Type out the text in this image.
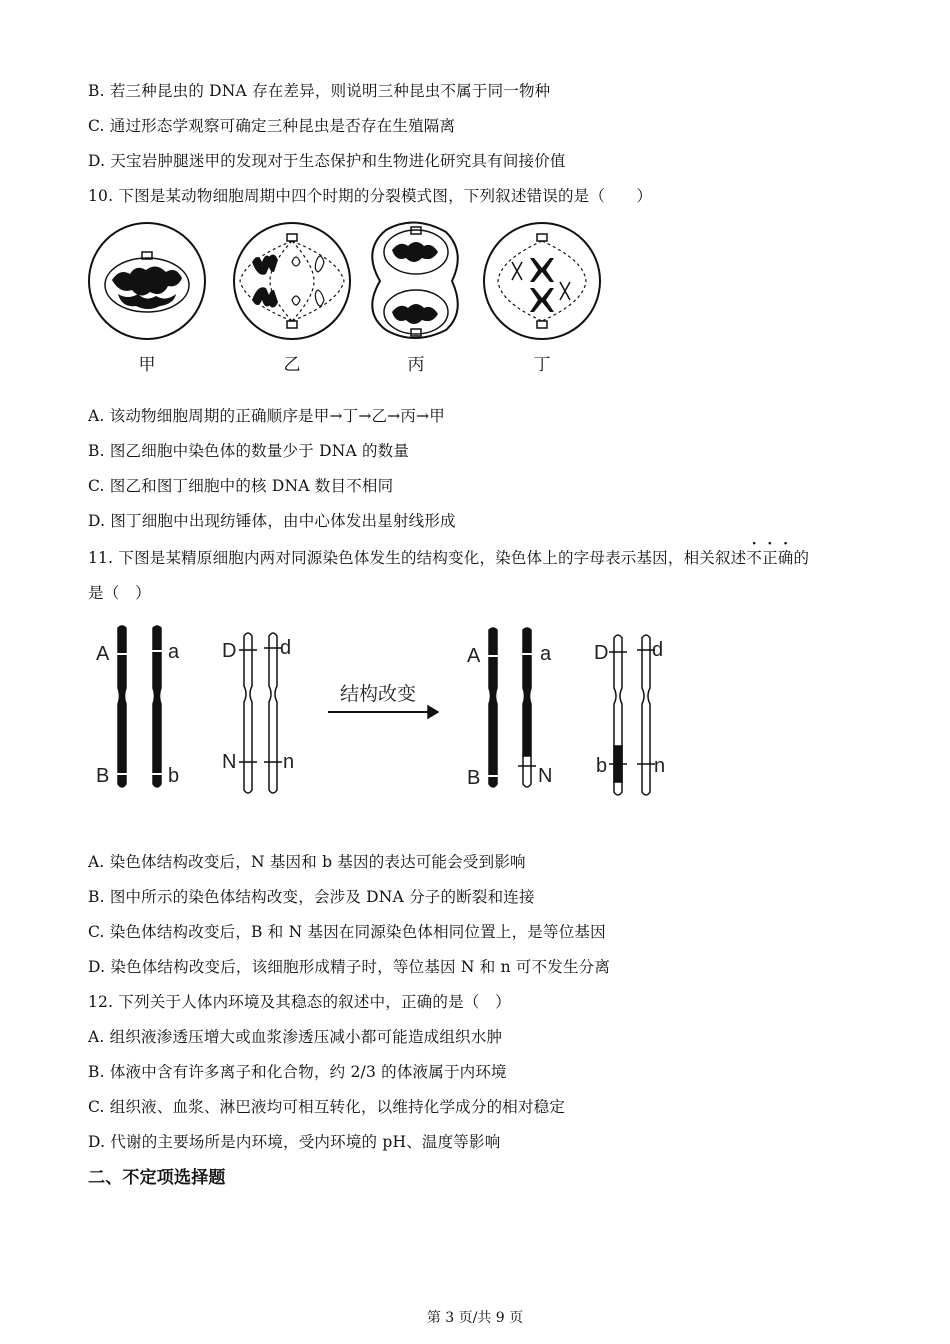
B. 若三种昆虫的 DNA 存在差异，则说明三种昆虫不属于同一物种
C. 通过形态学观察可确定三种昆虫是否存在生殖隔离
D. 天宝岩肿腿迷甲的发现对于生态保护和生物进化研究具有间接价值
10. 下图是某动物细胞周期中四个时期的分裂模式图，下列叙述错误的是（　　）
甲	乙	丙	丁
A. 该动物细胞周期的正确顺序是甲→丁→乙→丙→甲
B. 图乙细胞中染色体的数量少于 DNA 的数量
C. 图乙和图丁细胞中的核 DNA 数目不相同
D. 图丁细胞中出现纺锤体，由中心体发出星射线形成
11. 下图是某精原细胞内两对同源染色体发生的结构变化，染色体上的字母表示基因，相关叙述
·
不
·
正
·
确的
是（　）
A	a
B	b
D d
N n
结构改变
A	a
B	N
D d
b n
A. 染色体结构改变后，N 基因和 b 基因的表达可能会受到影响
B. 图中所示的染色体结构改变，会涉及 DNA 分子的断裂和连接
C. 染色体结构改变后，B 和 N 基因在同源染色体相同位置上，是等位基因
D. 染色体结构改变后，该细胞形成精子时，等位基因 N 和 n 可不发生分离
12. 下列关于人体内环境及其稳态的叙述中，正确的是（　）
A. 组织液渗透压增大或血浆渗透压减小都可能造成组织水肿
B. 体液中含有许多离子和化合物，约 2/3 的体液属于内环境
C. 组织液、血浆、淋巴液均可相互转化，以维持化学成分的相对稳定
D. 代谢的主要场所是内环境，受内环境的 pH、温度等影响
二、不定项选择题
第 3 页/共 9 页
